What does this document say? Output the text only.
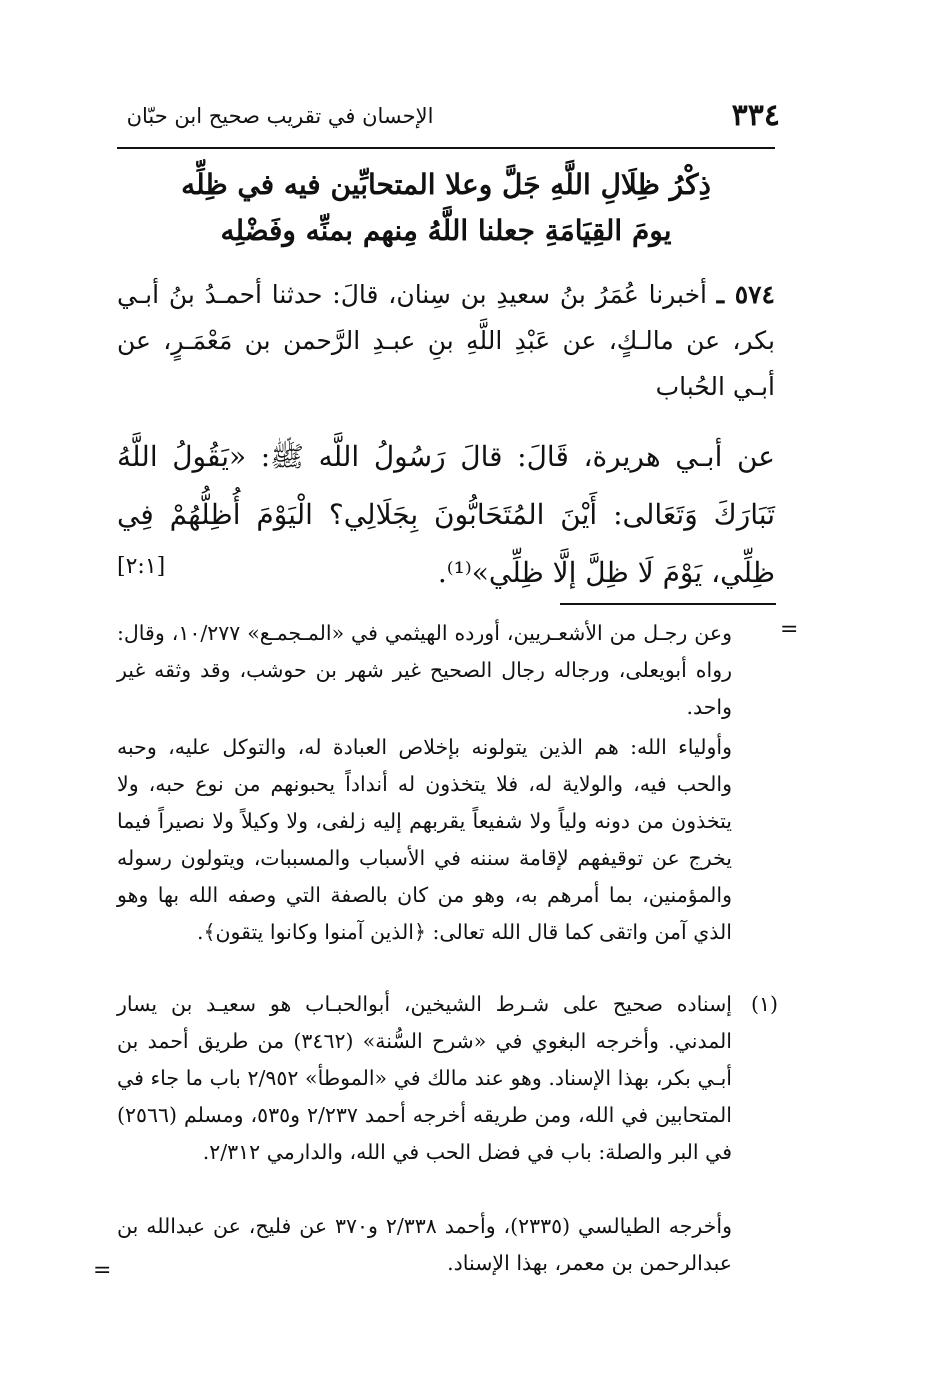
٣٣٤
الإحسان في تقريب صحيح ابن حبّان
ذِكْرُ ظِلَالِ اللَّهِ جَلَّ وعلا المتحابِّين فيه في ظِلِّه
يومَ القِيَامَةِ جعلنا اللَّهُ مِنهم بمنِّه وفَضْلِه
٥٧٤ ـ أخبرنا عُمَرُ بنُ سعيدِ بن سِنان، قالَ: حدثنا أحمـدُ بنُ أبـي بكر، عن مالـكٍ، عن عَبْدِ اللَّهِ بنِ عبـدِ الرَّحمن بن مَعْمَـرٍ، عن أبـي الحُباب
عن أبـي هريرة، قَالَ: قالَ رَسُولُ اللَّه ﷺ: «يَقُولُ اللَّهُ تَبَارَكَ وَتَعَالى: أَيْنَ المُتَحَابُّونَ بِجَلَالِي؟ الْيَوْمَ أُظِلُّهُمْ فِي ظِلِّي، يَوْمَ لَا ظِلَّ إلَّا ظِلِّي»⁽¹⁾.
[٢:١]
=
وعن رجـل من الأشعـريين، أورده الهيثمي في «المـجمـع» ١٠/٢٧٧، وقال: رواه أبويعلى، ورجاله رجال الصحيح غير شهر بن حوشب، وقد وثقه غير واحد.
وأولياء الله: هم الذين يتولونه بإخلاص العبادة له، والتوكل عليه، وحبه والحب فيه، والولاية له، فلا يتخذون له أنداداً يحبونهم من نوع حبه، ولا يتخذون من دونه ولياً ولا شفيعاً يقربهم إليه زلفى، ولا وكيلاً ولا نصيراً فيما يخرج عن توقيفهم لإقامة سننه في الأسباب والمسببات، ويتولون رسوله والمؤمنين، بما أمرهم به، وهو من كان بالصفة التي وصفه الله بها وهو الذي آمن واتقى كما قال الله تعالى: ﴿الذين آمنوا وكانوا يتقون﴾.
(١)
إسناده صحيح على شـرط الشيخين، أبوالحبـاب هو سعيـد بن يسار المدني. وأخرجه البغوي في «شرح السُّنة» (٣٤٦٢) من طريق أحمد بن أبـي بكر، بهذا الإسناد. وهو عند مالك في «الموطأ» ٢/٩٥٢ باب ما جاء في المتحابين في الله، ومن طريقه أخرجه أحمد ٢/٢٣٧ و٥٣٥، ومسلم (٢٥٦٦) في البر والصلة: باب في فضل الحب في الله، والدارمي ٢/٣١٢.
وأخرجه الطيالسي (٢٣٣٥)، وأحمد ٢/٣٣٨ و٣٧٠ عن فليح، عن عبدالله بن عبدالرحمن بن معمر، بهذا الإسناد.
=
